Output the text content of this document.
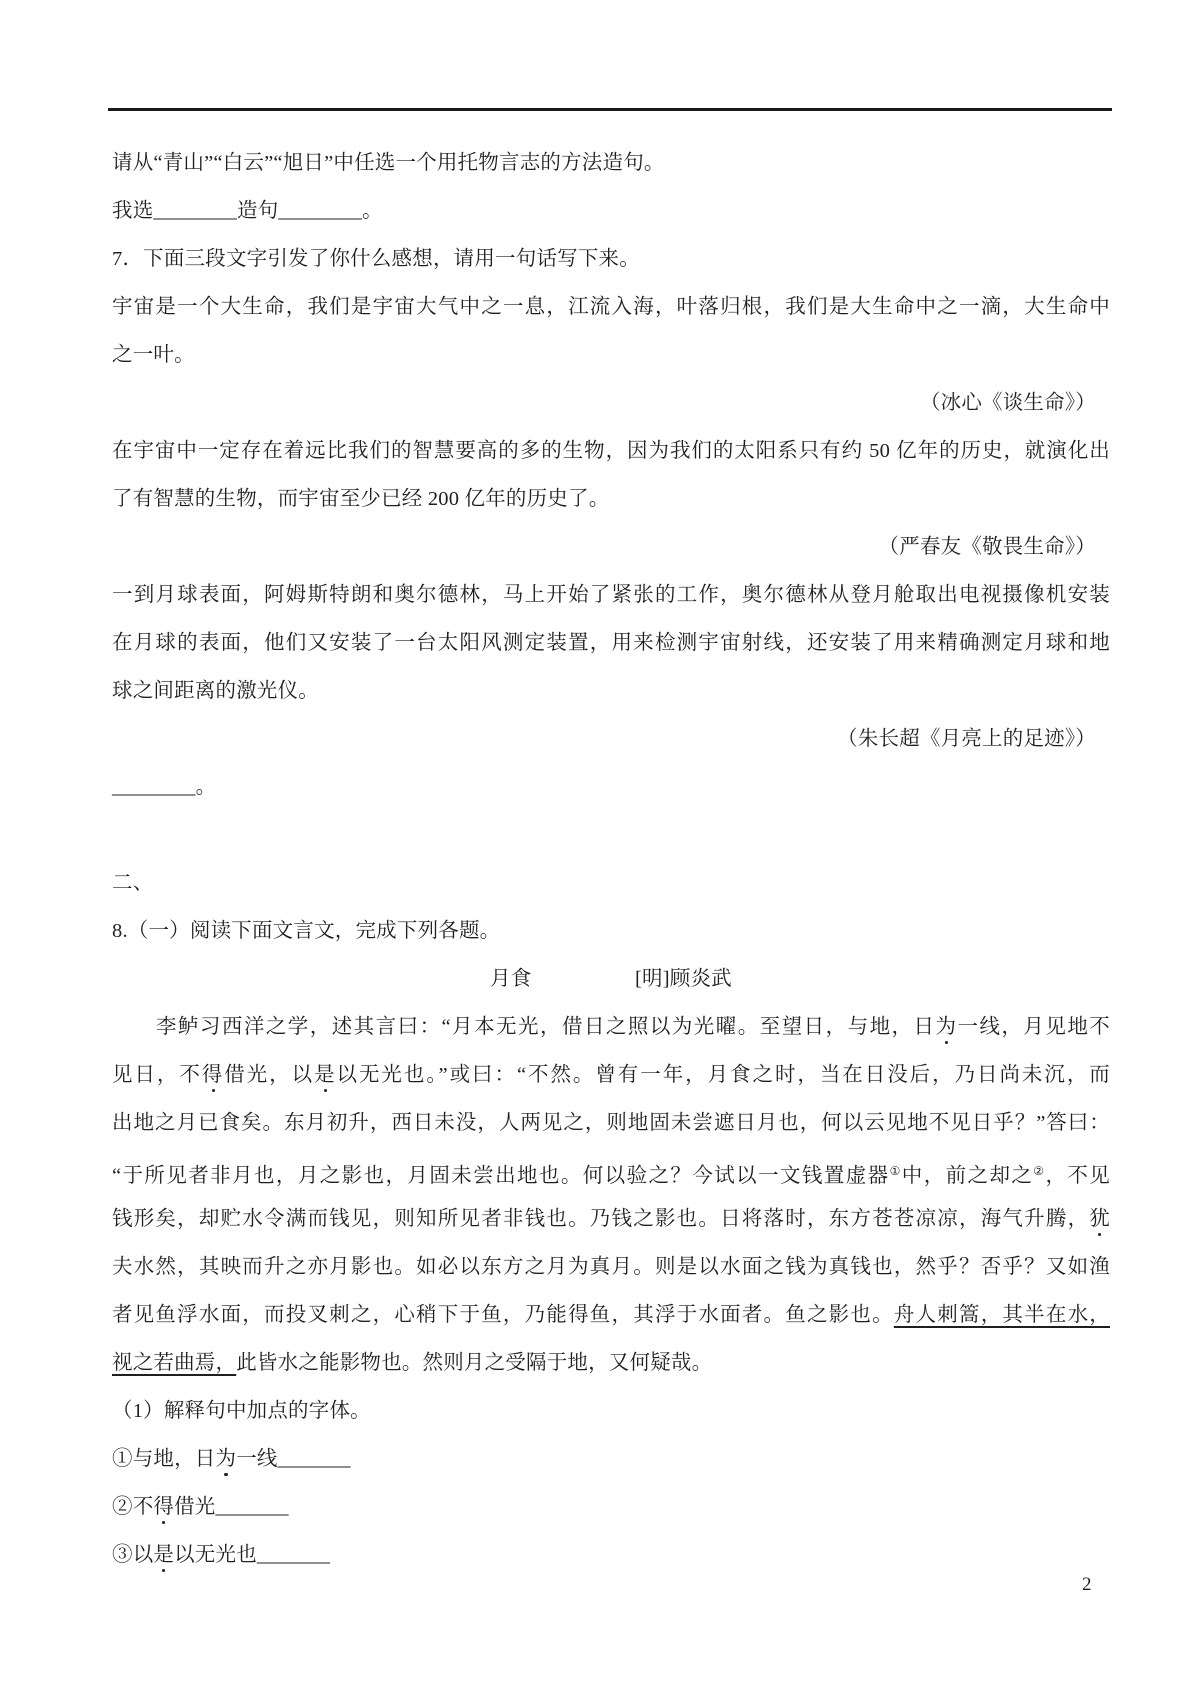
请从“青山”“白云”“旭日”中任选一个用托物言志的方法造句。
我选________造句________。
7．下面三段文字引发了你什么感想，请用一句话写下来。
宇宙是一个大生命，我们是宇宙大气中之一息，江流入海，叶落归根，我们是大生命中之一滴，大生命中
之一叶。
（冰心《谈生命》）
在宇宙中一定存在着远比我们的智慧要高的多的生物，因为我们的太阳系只有约 50 亿年的历史，就演化出
了有智慧的生物，而宇宙至少已经 200 亿年的历史了。
（严春友《敬畏生命》）
一到月球表面，阿姆斯特朗和奥尔德林，马上开始了紧张的工作，奥尔德林从登月舱取出电视摄像机安装
在月球的表面，他们又安装了一台太阳风测定装置，用来检测宇宙射线，还安装了用来精确测定月球和地
球之间距离的激光仪。
（朱长超《月亮上的足迹》）
________。
二、
8.（一）阅读下面文言文，完成下列各题。
月食　　　　　	[明]顾炎武
　　李鲈习西洋之学，述其言曰：“月本无光，借日之照以为光曜。至望日，与地，日为一线，月见地不
见日，不得借光，以是以无光也。”或曰：“不然。曾有一年，月食之时，当在日没后，乃日尚未沉，而
出地之月已食矣。东月初升，西日未没，人两见之，则地固未尝遮日月也，何以云见地不见日乎？”答曰：
“于所见者非月也，月之影也，月固未尝出地也。何以验之？今试以一文钱置虚器①中，前之却之②，不见
钱形矣，却贮水令满而钱见，则知所见者非钱也。乃钱之影也。日将落时，东方苍苍凉凉，海气升腾，犹
夫水然，其映而升之亦月影也。如必以东方之月为真月。则是以水面之钱为真钱也，然乎？否乎？又如渔
者见鱼浮水面，而投叉刺之，心稍下于鱼，乃能得鱼，其浮于水面者。鱼之影也。舟人刺篙，其半在水，
视之若曲焉，此皆水之能影物也。然则月之受隔于地，又何疑哉。
（1）解释句中加点的字体。
①与地，日为一线_______
②不得借光_______
③以是以无光也_______
2
